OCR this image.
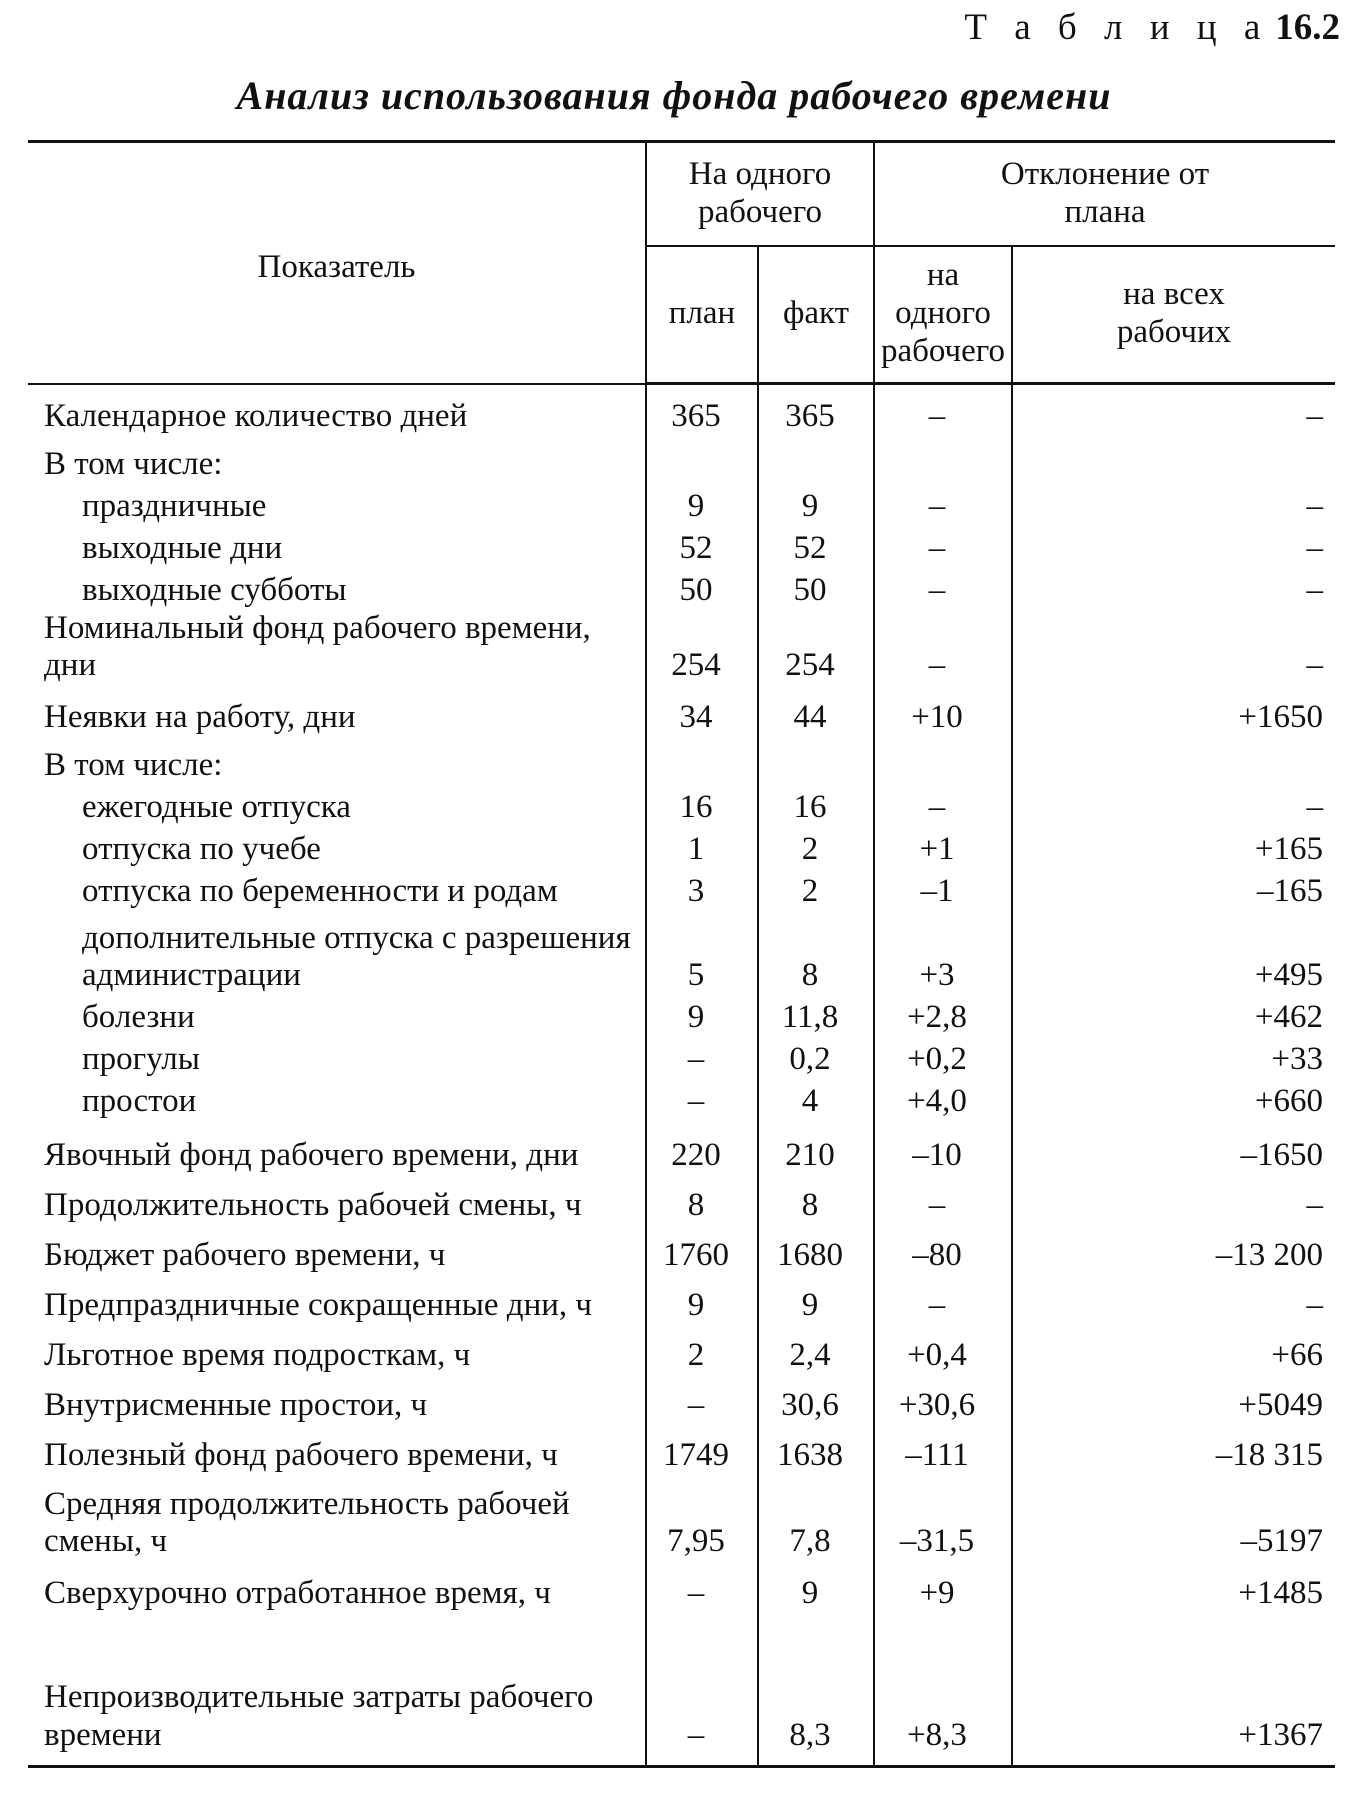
Т а б л и ц а 16.2
Анализ использования фонда рабочего времени
Показатель	На одного рабочего		Отклонение от плана	

	план	факт	на одного рабочего	на всех рабочих

Календарное количество дней	365	365	–	–
В том числе:				
праздничные	9	9	–	–
выходные дни	52	52	–	–
выходные субботы	50	50	–	–
Номинальный фонд рабочего времени, дни	254	254	–	–
Неявки на работу, дни	34	44	+10	+1650
В том числе:				
ежегодные отпуска	16	16	–	–
отпуска по учебе	1	2	+1	+165
отпуска по беременности и родам	3	2	–1	–165
дополнительные отпуска с разрешения администрации	5	8	+3	+495
болезни	9	11,8	+2,8	+462
прогулы	–	0,2	+0,2	+33
простои	–	4	+4,0	+660
Явочный фонд рабочего времени, дни	220	210	–10	–1650
Продолжительность рабочей смены, ч	8	8	–	–
Бюджет рабочего времени, ч	1760	1680	–80	–13 200
Предпраздничные сокращенные дни, ч	9	9	–	–
Льготное время подросткам, ч	2	2,4	+0,4	+66
Внутрисменные простои, ч	–	30,6	+30,6	+5049
Полезный фонд рабочего времени, ч	1749	1638	–111	–18 315

Средняя продолжительность рабочей смены, ч	7,95	7,8	–31,5	–5197
Сверхурочно отработанное время, ч	–	9	+9	+1485

Непроизводительные затраты рабочего времени	–	8,3	+8,3	+1367
